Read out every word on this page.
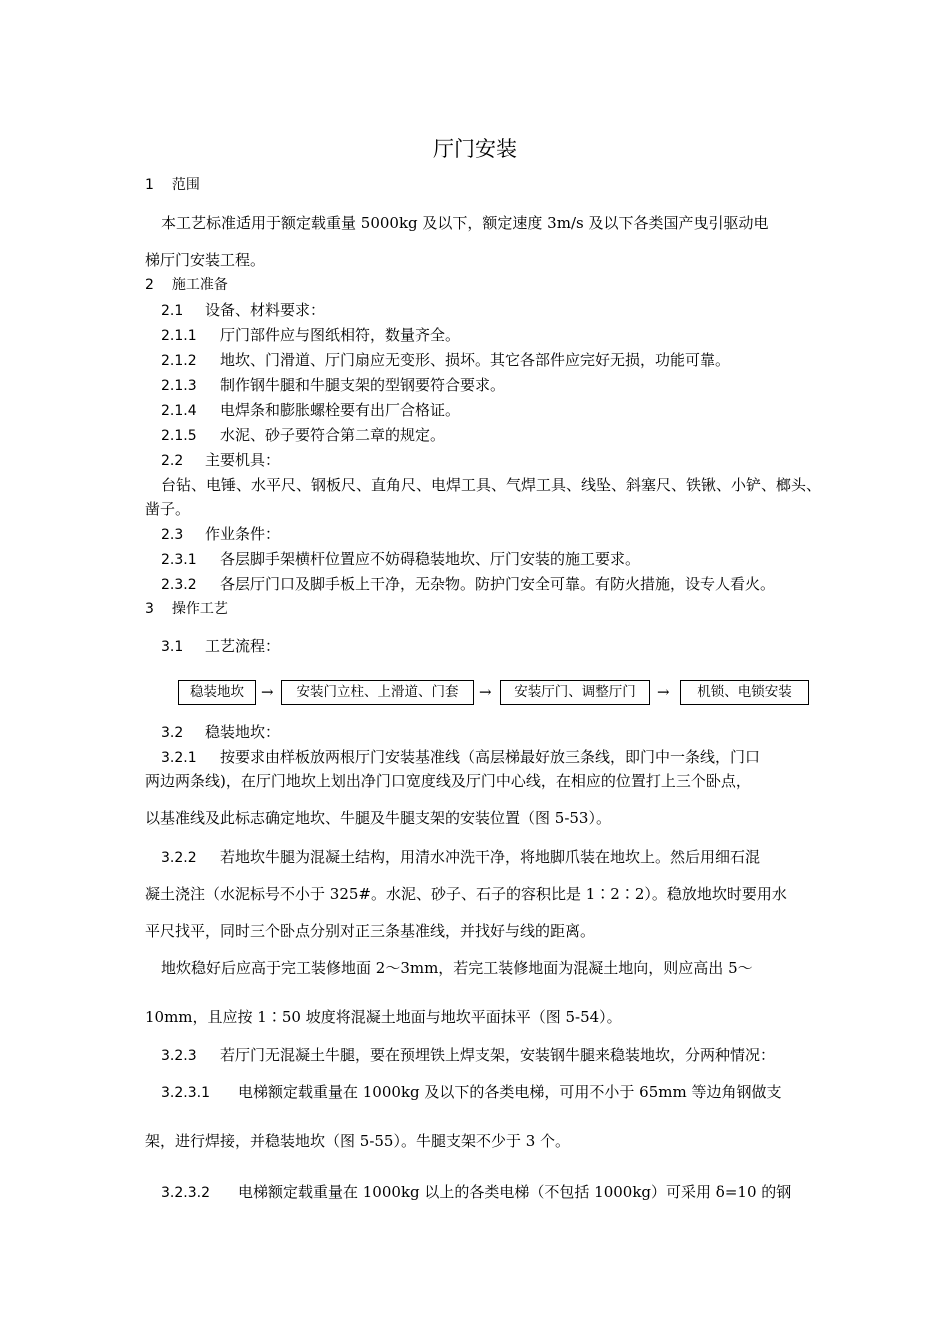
厅门安装
1 范围
本工艺标准适用于额定载重量 5000kg 及以下，额定速度 3m/s 及以下各类国产曳引驱动电
梯厅门安装工程。
2 施工准备
2.1 设备、材料要求：
2.1.1 厅门部件应与图纸相符，数量齐全。
2.1.2 地坎、门滑道、厅门扇应无变形、损坏。其它各部件应完好无损，功能可靠。
2.1.3 制作钢牛腿和牛腿支架的型钢要符合要求。
2.1.4 电焊条和膨胀螺栓要有出厂合格证。
2.1.5 水泥、砂子要符合第二章的规定。
2.2 主要机具：
台钻、电锤、水平尺、钢板尺、直角尺、电焊工具、气焊工具、线坠、斜塞尺、铁锹、小铲、榔头、
凿子。
2.3 作业条件：
2.3.1 各层脚手架横杆位置应不妨碍稳装地坎、厅门安装的施工要求。
2.3.2 各层厅门口及脚手板上干净，无杂物。防护门安全可靠。有防火措施，设专人看火。
3 操作工艺
3.1 工艺流程：
稳装地坎	→	安装门立柱、上滑道、门套	→	安装厅门、调整厅门	→	机锁、电锁安装
3.2 稳装地坎：
3.2.1 按要求由样板放两根厅门安装基准线（高层梯最好放三条线，即门中一条线，门口
两边两条线)，在厅门地坎上划出净门口宽度线及厅门中心线，在相应的位置打上三个卧点，
以基准线及此标志确定地坎、牛腿及牛腿支架的安装位置（图 5-53）。
3.2.2 若地坎牛腿为混凝土结构，用清水冲洗干净，将地脚爪装在地坎上。然后用细石混
凝土浇注（水泥标号不小于 325#。水泥、砂子、石子的容积比是 1∶2∶2）。稳放地坎时要用水
平尺找平，同时三个卧点分别对正三条基准线，并找好与线的距离。
地炊稳好后应高于完工装修地面 2～3mm，若完工装修地面为混凝土地向，则应高出 5～
10mm，且应按 1∶50 坡度将混凝土地面与地坎平面抹平（图 5-54）。
3.2.3 若厅门无混凝土牛腿，要在预埋铁上焊支架，安装钢牛腿来稳装地坎，分两种情况：
3.2.3.1 电梯额定载重量在 1000kg 及以下的各类电梯，可用不小于 65mm 等边角钢做支
架，进行焊接，并稳装地坎（图 5-55）。牛腿支架不少于 3 个。
3.2.3.2 电梯额定载重量在 1000kg 以上的各类电梯（不包括 1000kg）可采用 δ=10 的钢
